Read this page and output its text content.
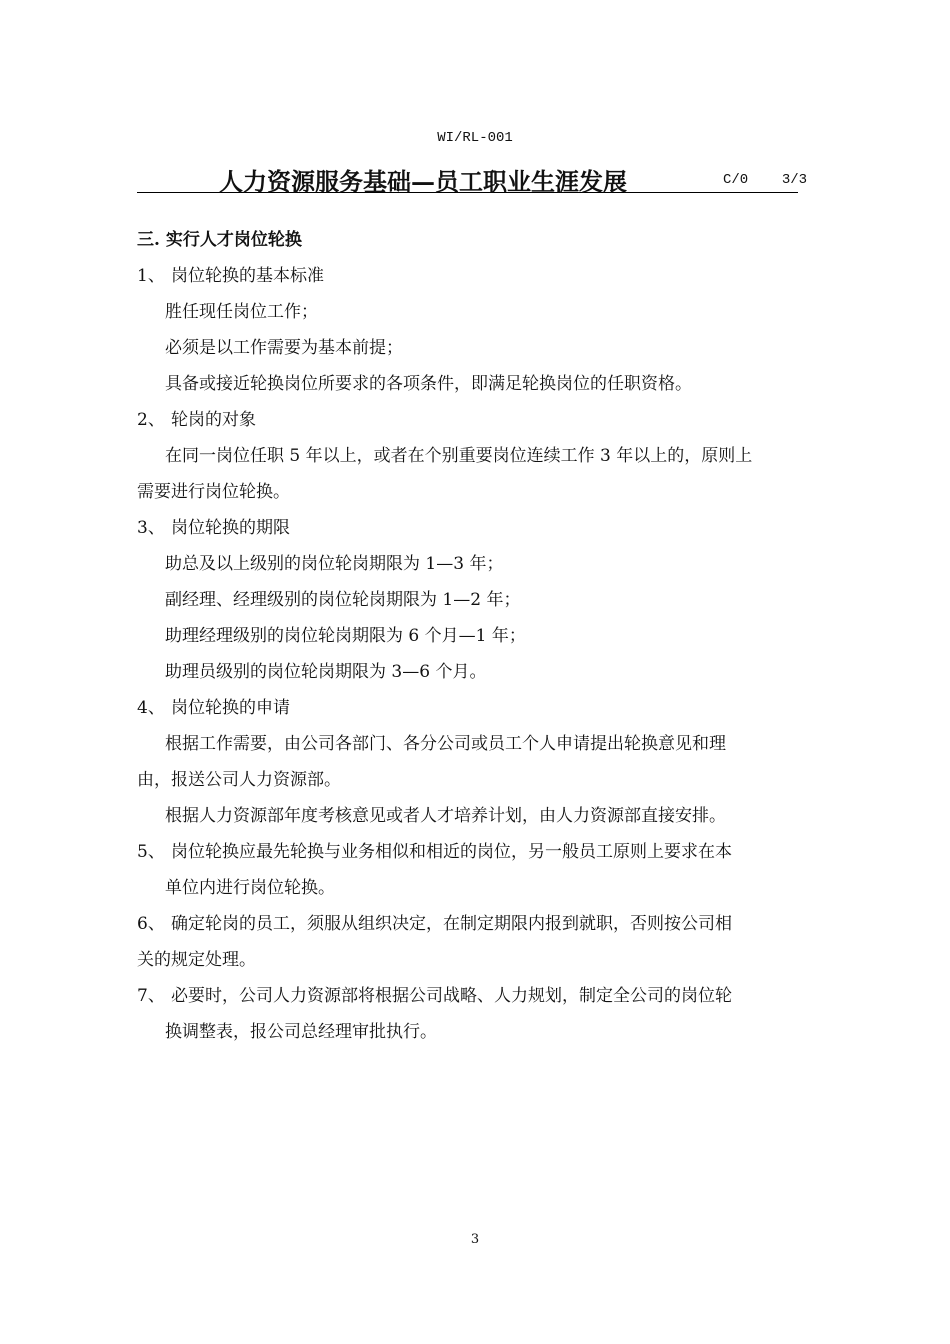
WI/RL-001
人力资源服务基础—员工职业生涯发展	C/0 3/3
三. 实行人才岗位轮换
1、 岗位轮换的基本标准
胜任现任岗位工作；
必须是以工作需要为基本前提；
具备或接近轮换岗位所要求的各项条件，即满足轮换岗位的任职资格。
2、 轮岗的对象
在同一岗位任职 5 年以上，或者在个别重要岗位连续工作 3 年以上的，原则上
需要进行岗位轮换。
3、 岗位轮换的期限
助总及以上级别的岗位轮岗期限为 1—3 年；
副经理、经理级别的岗位轮岗期限为 1—2 年；
助理经理级别的岗位轮岗期限为 6 个月—1 年；
助理员级别的岗位轮岗期限为 3—6 个月。
4、 岗位轮换的申请
根据工作需要，由公司各部门、各分公司或员工个人申请提出轮换意见和理
由，报送公司人力资源部。
根据人力资源部年度考核意见或者人才培养计划，由人力资源部直接安排。
5、 岗位轮换应最先轮换与业务相似和相近的岗位，另一般员工原则上要求在本
单位内进行岗位轮换。
6、 确定轮岗的员工，须服从组织决定，在制定期限内报到就职，否则按公司相
关的规定处理。
7、 必要时，公司人力资源部将根据公司战略、人力规划，制定全公司的岗位轮
换调整表，报公司总经理审批执行。
3
